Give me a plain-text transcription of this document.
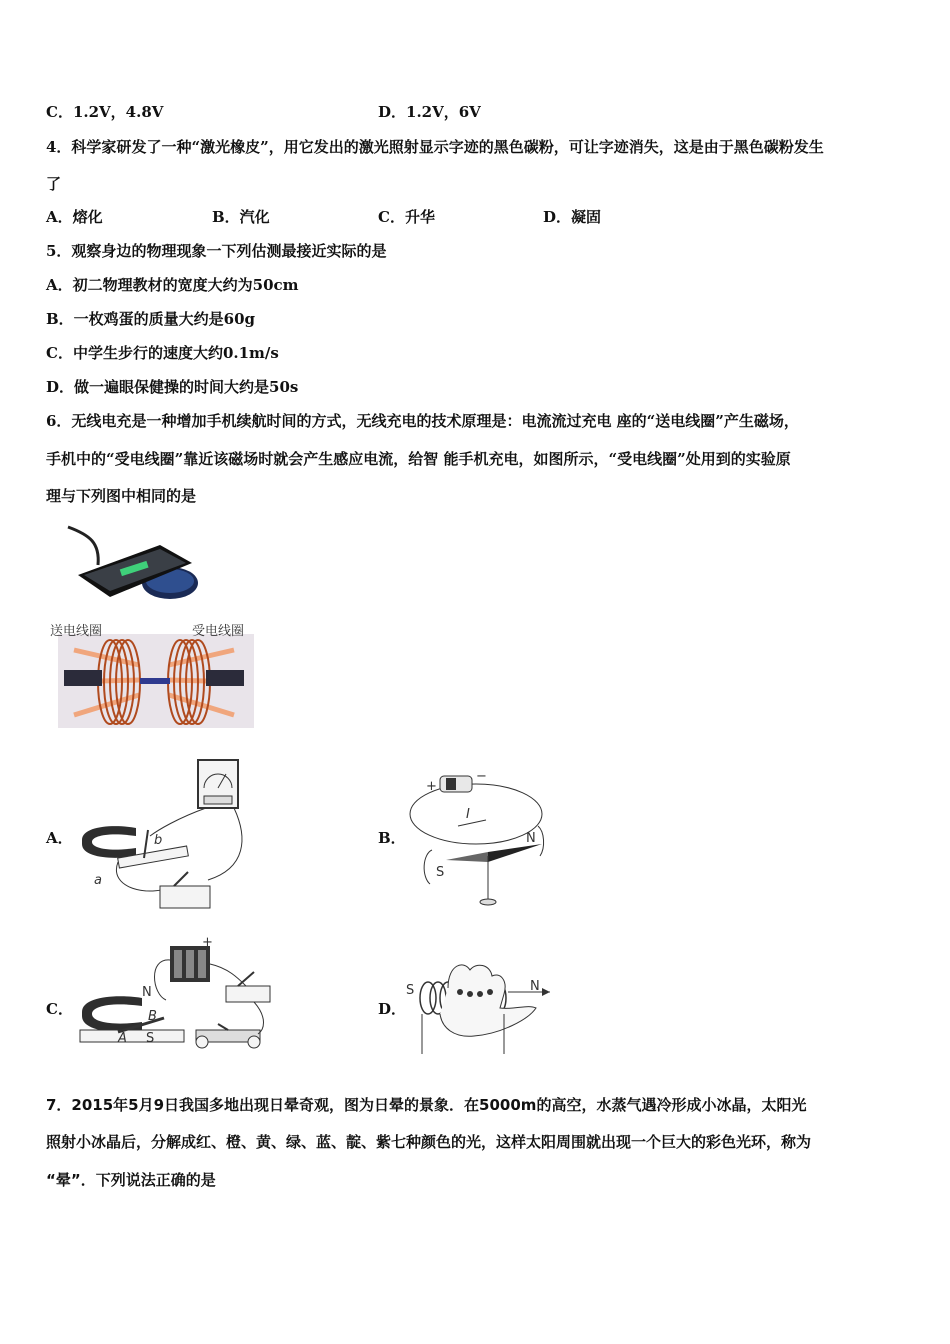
C．1.2V，4.8V	D．1.2V，6V
4．科学家研发了一种“激光橡皮”，用它发出的激光照射显示字迹的黑色碳粉，可让字迹消失，这是由于黑色碳粉发生
了
A．熔化	B．汽化	C．升华	D．凝固
5．观察身边的物理现象一下列估测最接近实际的是
A．初二物理教材的宽度大约为50cm
B．一枚鸡蛋的质量大约是60g
C．中学生步行的速度大约0.1m/s
D．做一遍眼保健操的时间大约是50s
6．无线电充是一种增加手机续航时间的方式，无线充电的技术原理是：电流流过充电 座的“送电线圈”产生磁场，
手机中的“受电线圈”靠近该磁场时就会产生感应电流，给智 能手机充电，如图所示，“受电线圈”处用到的实验原
理与下列图中相同的是
送电线圈	受电线圈
A．
a
b	B．
+
−
I
N
S
C．
+
N
S
B
A
D．
S	N
7．2015年5月9日我国多地出现日晕奇观，图为日晕的景象．在5000m的高空，水蒸气遇冷形成小冰晶，太阳光
照射小冰晶后，分解成红、橙、黄、绿、蓝、靛、紫七种颜色的光，这样太阳周围就出现一个巨大的彩色光环，称为
“晕”．下列说法正确的是
